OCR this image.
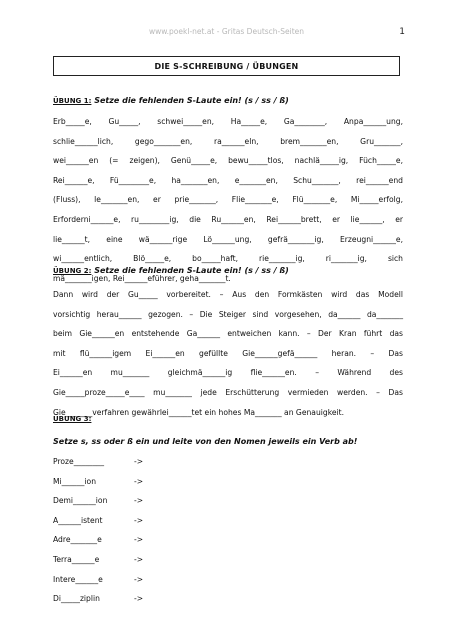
www.poekl-net.at - Gritas Deutsch-Seiten	1
DIE S-SCHREIBUNG / ÜBUNGEN
ÜBUNG 1: Setze die fehlenden S-Laute ein! (s / ss / ß)
Erb_____e, Gu_____, schwei_____en, Ha_____e, Ga________, Anpa______ung,
schlie______lich, gego_______en, ra______eln, brem_______en, Gru_______,
wei______en (= zeigen), Genü_____e, bewu_____tlos, nachlä_____ig, Füch_____e,
Rei______e, Fü________e, ha_______en, e_______en, Schu_______, rei______end
(Fluss), le_______en, er prie_______, Flie_______e, Flü_______e, Mi_____erfolg,
Erforderni______e, ru________ig, die Ru______en, Rei______brett, er lie______, er
lie______t, eine wä______rige Lö______ung, gefrä_______ig, Erzeugni______e,
wi______entlich, Blö_____e, bo_____haft, rie_______ig, ri_______ig, sich
mä_______igen, Rei______eführer, geha_______t.
ÜBUNG 2: Setze die fehlenden S-Laute ein! (s / ss / ß)
Dann wird der Gu_____ vorbereitet. – Aus den Formkästen wird das Modell
vorsichtig herau______ gezogen. – Die Steiger sind vorgesehen, da______ da_______
beim Gie______en entstehende Ga______ entweichen kann. – Der Kran führt das
mit flü______igem Ei______en gefüllte Gie______gefä______ heran. – Das
Ei______en mu_______ gleichmä______ig flie______en. – Während des
Gie_____proze_____e____ mu_______ jede Erschütterung vermieden werden. – Das
Gie_______verfahren gewährlei______tet ein hohes Ma_______ an Genauigkeit.
ÜBUNG 3:
Setze s, ss oder ß ein und leite von den Nomen jeweils ein Verb ab!
Proze________	->
Mi______ion	->
Demi______ion	->
A______istent	->
Adre_______e	->
Terra______e	->
Intere______e	->
Di_____ziplin	->
